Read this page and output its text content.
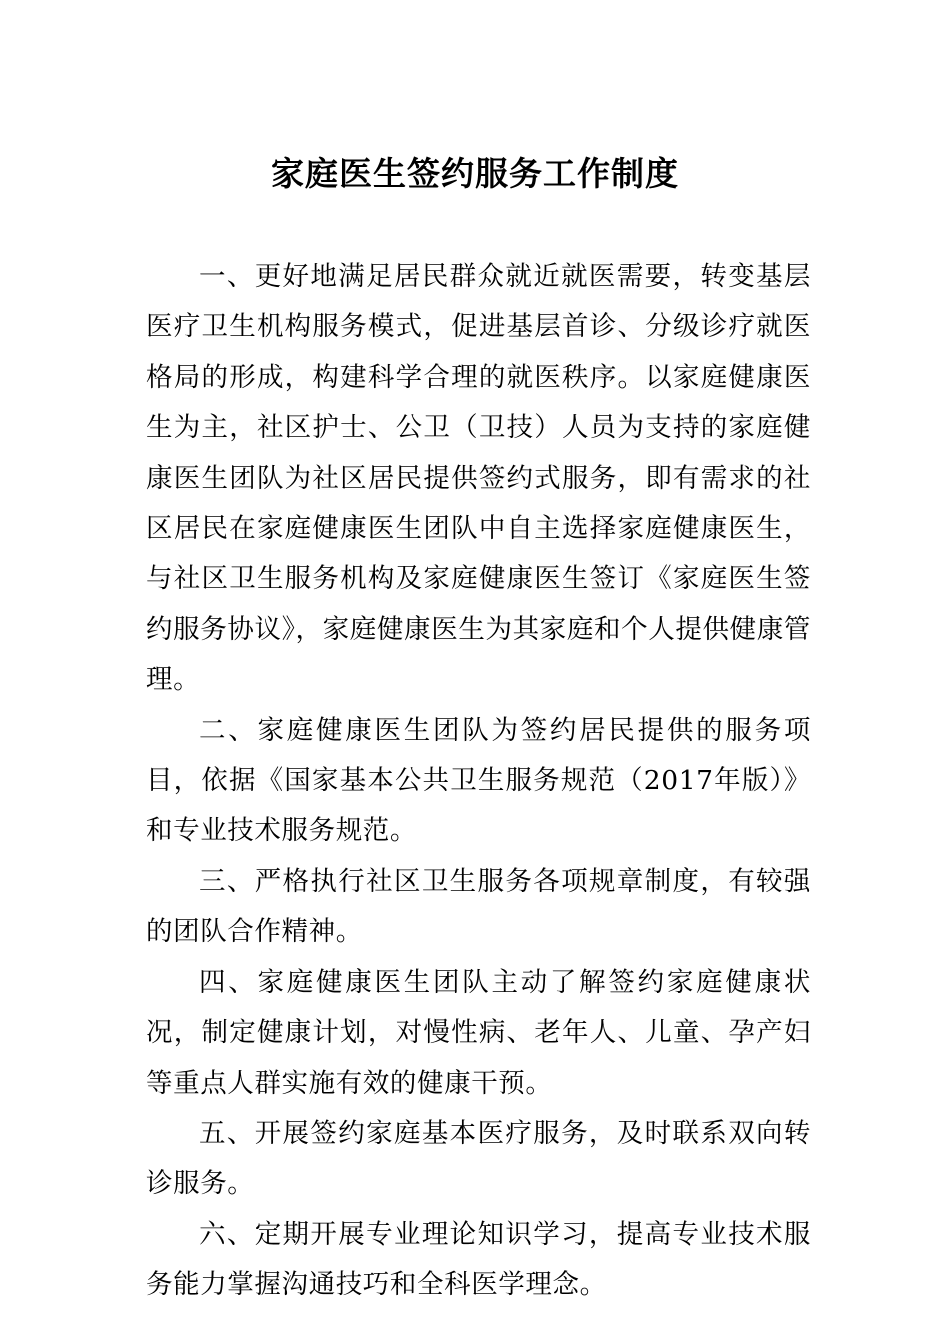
家庭医生签约服务工作制度

一、更好地满足居民群众就近就医需要，转变基层医疗卫生机构服务模式，促进基层首诊、分级诊疗就医格局的形成，构建科学合理的就医秩序。以家庭健康医生为主，社区护士、公卫（卫技）人员为支持的家庭健康医生团队为社区居民提供签约式服务，即有需求的社区居民在家庭健康医生团队中自主选择家庭健康医生，与社区卫生服务机构及家庭健康医生签订《家庭医生签约服务协议》，家庭健康医生为其家庭和个人提供健康管理。

二、家庭健康医生团队为签约居民提供的服务项目，依据《国家基本公共卫生服务规范（2017年版）》和专业技术服务规范。

三、严格执行社区卫生服务各项规章制度，有较强的团队合作精神。

四、家庭健康医生团队主动了解签约家庭健康状况，制定健康计划，对慢性病、老年人、儿童、孕产妇等重点人群实施有效的健康干预。

五、开展签约家庭基本医疗服务，及时联系双向转诊服务。

六、定期开展专业理论知识学习，提高专业技术服务能力掌握沟通技巧和全科医学理念。
